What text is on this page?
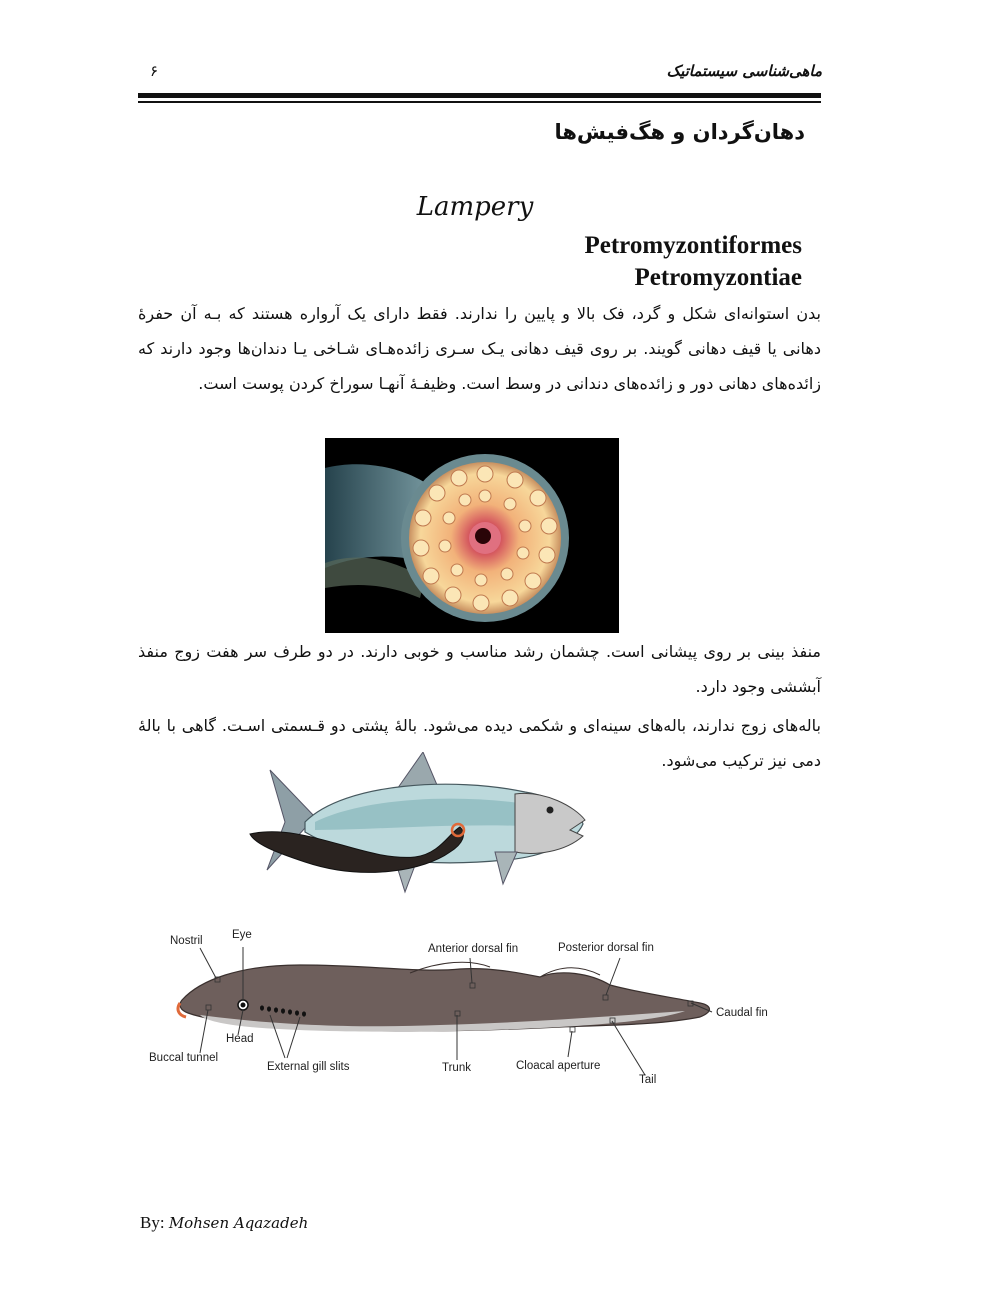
ماهی‌شناسی سیستماتیک
۶
دهان‌گردان و هگ‌فیش‌ها
Lampery
Petromyzontiformes
Petromyzontiae
بدن استوانه‌ای شکل و گرد، فک بالا و پایین را ندارند. فقط دارای یک آرواره هستند که بـه آن حفرهٔ دهانی یا قیف دهانی گویند. بر روی قیف دهانی یـک سـری زائده‌هـای شـاخی یـا دندان‌ها وجود دارند که زائده‌های دهانی دور و زائده‌های دندانی در وسط است. وظیفـهٔ آنهـا سوراخ کردن پوست است.
منفذ بینی بر روی پیشانی است. چشمان رشد مناسب و خوبی دارند. در دو طرف سر هفت زوج منفذ آبششی وجود دارد.
باله‌های زوج ندارند، باله‌های سینه‌ای و شکمی دیده می‌شود. بالهٔ پشتی دو قـسمتی اسـت. گاهی با بالهٔ دمی نیز ترکیب می‌شود.
Nostril	Eye
Anterior dorsal fin	Posterior dorsal fin
Caudal fin
Head
Buccal tunnel
External gill slits	Trunk	Cloacal aperture
Tail
By: Mohsen Aqazadeh
